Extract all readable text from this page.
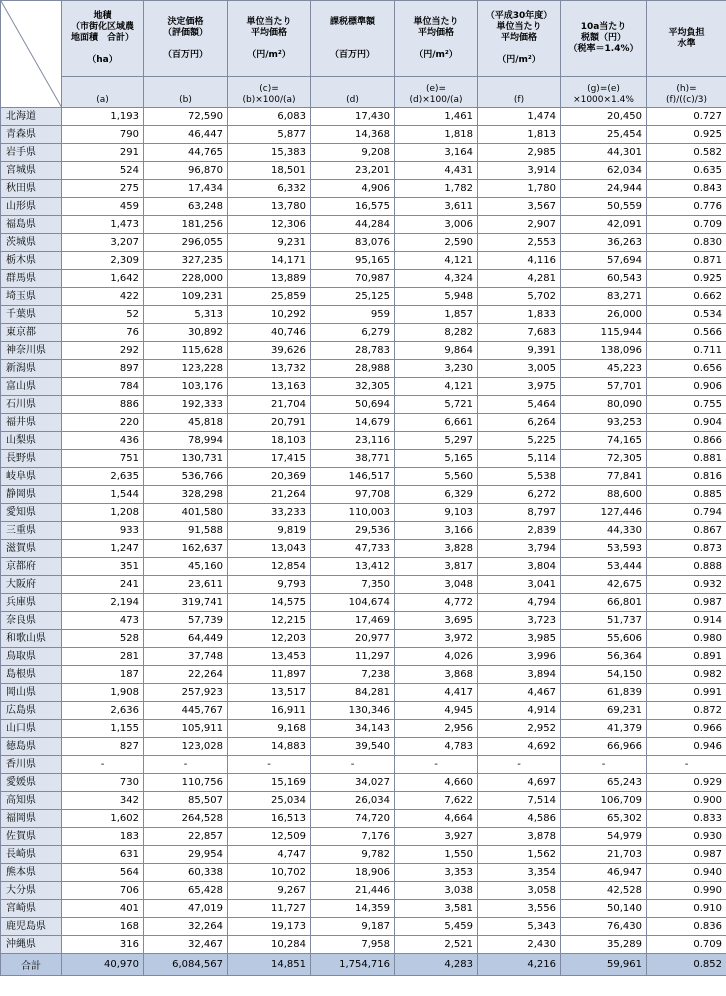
地積
（市街化区域農
地面積　合計）

（ha）	決定価格
（評価額）

（百万円）	単位当たり
平均価格

（円/m²）	課税標準額

（百万円）	単位当たり
平均価格

（円/m²）	（平成30年度）
単位当たり
平均価格

（円/m²）	10a当たり
税額（円）
（税率＝1.4%）	平均負担
水準

	(a)	(b)	(c)=
(b)×100/(a)	(d)	(e)=
(d)×100/(a)	(f)	(g)=(e)
×1000×1.4%	(h)=
(f)/((c)/3)

北海道	1,193	72,590	6,083	17,430	1,461	1,474	20,450	0.727
青森県	790	46,447	5,877	14,368	1,818	1,813	25,454	0.925
岩手県	291	44,765	15,383	9,208	3,164	2,985	44,301	0.582
宮城県	524	96,870	18,501	23,201	4,431	3,914	62,034	0.635
秋田県	275	17,434	6,332	4,906	1,782	1,780	24,944	0.843
山形県	459	63,248	13,780	16,575	3,611	3,567	50,559	0.776
福島県	1,473	181,256	12,306	44,284	3,006	2,907	42,091	0.709
茨城県	3,207	296,055	9,231	83,076	2,590	2,553	36,263	0.830
栃木県	2,309	327,235	14,171	95,165	4,121	4,116	57,694	0.871
群馬県	1,642	228,000	13,889	70,987	4,324	4,281	60,543	0.925
埼玉県	422	109,231	25,859	25,125	5,948	5,702	83,271	0.662
千葉県	52	5,313	10,292	959	1,857	1,833	26,000	0.534
東京都	76	30,892	40,746	6,279	8,282	7,683	115,944	0.566
神奈川県	292	115,628	39,626	28,783	9,864	9,391	138,096	0.711
新潟県	897	123,228	13,732	28,988	3,230	3,005	45,223	0.656
富山県	784	103,176	13,163	32,305	4,121	3,975	57,701	0.906
石川県	886	192,333	21,704	50,694	5,721	5,464	80,090	0.755
福井県	220	45,818	20,791	14,679	6,661	6,264	93,253	0.904
山梨県	436	78,994	18,103	23,116	5,297	5,225	74,165	0.866
長野県	751	130,731	17,415	38,771	5,165	5,114	72,305	0.881
岐阜県	2,635	536,766	20,369	146,517	5,560	5,538	77,841	0.816
静岡県	1,544	328,298	21,264	97,708	6,329	6,272	88,600	0.885
愛知県	1,208	401,580	33,233	110,003	9,103	8,797	127,446	0.794
三重県	933	91,588	9,819	29,536	3,166	2,839	44,330	0.867
滋賀県	1,247	162,637	13,043	47,733	3,828	3,794	53,593	0.873
京都府	351	45,160	12,854	13,412	3,817	3,804	53,444	0.888
大阪府	241	23,611	9,793	7,350	3,048	3,041	42,675	0.932
兵庫県	2,194	319,741	14,575	104,674	4,772	4,794	66,801	0.987
奈良県	473	57,739	12,215	17,469	3,695	3,723	51,737	0.914
和歌山県	528	64,449	12,203	20,977	3,972	3,985	55,606	0.980
鳥取県	281	37,748	13,453	11,297	4,026	3,996	56,364	0.891
島根県	187	22,264	11,897	7,238	3,868	3,894	54,150	0.982
岡山県	1,908	257,923	13,517	84,281	4,417	4,467	61,839	0.991
広島県	2,636	445,767	16,911	130,346	4,945	4,914	69,231	0.872
山口県	1,155	105,911	9,168	34,143	2,956	2,952	41,379	0.966
徳島県	827	123,028	14,883	39,540	4,783	4,692	66,966	0.946
香川県	-	-	-	-	-	-	-	-
愛媛県	730	110,756	15,169	34,027	4,660	4,697	65,243	0.929
高知県	342	85,507	25,034	26,034	7,622	7,514	106,709	0.900
福岡県	1,602	264,528	16,513	74,720	4,664	4,586	65,302	0.833
佐賀県	183	22,857	12,509	7,176	3,927	3,878	54,979	0.930
長崎県	631	29,954	4,747	9,782	1,550	1,562	21,703	0.987
熊本県	564	60,338	10,702	18,906	3,353	3,354	46,947	0.940
大分県	706	65,428	9,267	21,446	3,038	3,058	42,528	0.990
宮崎県	401	47,019	11,727	14,359	3,581	3,556	50,140	0.910
鹿児島県	168	32,264	19,173	9,187	5,459	5,343	76,430	0.836
沖縄県	316	32,467	10,284	7,958	2,521	2,430	35,289	0.709
合計	40,970	6,084,567	14,851	1,754,716	4,283	4,216	59,961	0.852
